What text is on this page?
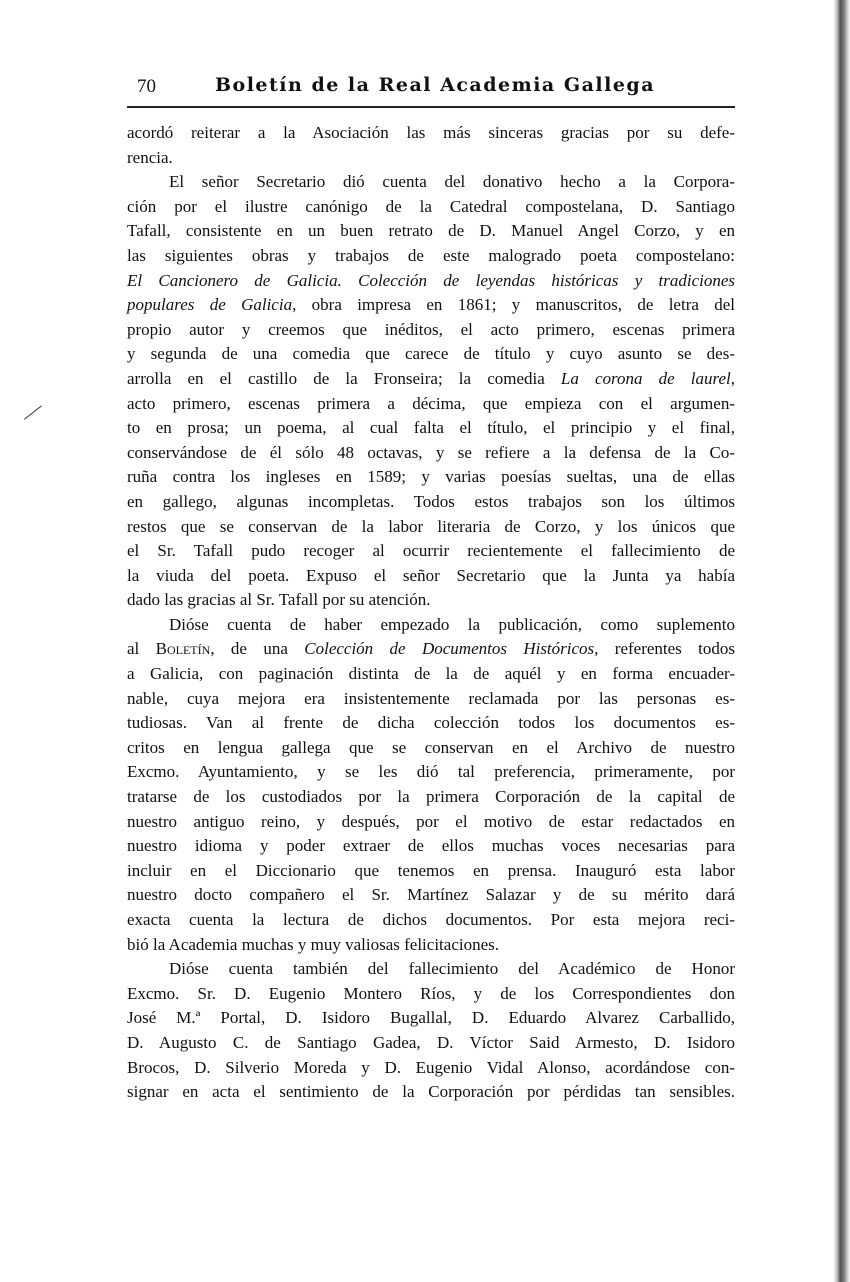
70	Boletín de la Real Academia Gallega
acordó reiterar a la Asociación las más sinceras gracias por su defe-
rencia.
El señor Secretario dió cuenta del donativo hecho a la Corpora-
ción por el ilustre canónigo de la Catedral compostelana, D. Santiago
Tafall, consistente en un buen retrato de D. Manuel Angel Corzo, y en
las siguientes obras y trabajos de este malogrado poeta compostelano:
El Cancionero de Galicia. Colección de leyendas históricas y tradiciones
populares de Galicia, obra impresa en 1861; y manuscritos, de letra del
propio autor y creemos que inéditos, el acto primero, escenas primera
y segunda de una comedia que carece de título y cuyo asunto se des-
arrolla en el castillo de la Fronseira; la comedia La corona de laurel,
acto primero, escenas primera a décima, que empieza con el argumen-
to en prosa; un poema, al cual falta el título, el principio y el final,
conservándose de él sólo 48 octavas, y se refiere a la defensa de la Co-
ruña contra los ingleses en 1589; y varias poesías sueltas, una de ellas
en gallego, algunas incompletas. Todos estos trabajos son los últimos
restos que se conservan de la labor literaria de Corzo, y los únicos que
el Sr. Tafall pudo recoger al ocurrir recientemente el fallecimiento de
la viuda del poeta. Expuso el señor Secretario que la Junta ya había
dado las gracias al Sr. Tafall por su atención.
Dióse cuenta de haber empezado la publicación, como suplemento
al Boletín, de una Colección de Documentos Históricos, referentes todos
a Galicia, con paginación distinta de la de aquél y en forma encuader-
nable, cuya mejora era insistentemente reclamada por las personas es-
tudiosas. Van al frente de dicha colección todos los documentos es-
critos en lengua gallega que se conservan en el Archivo de nuestro
Excmo. Ayuntamiento, y se les dió tal preferencia, primeramente, por
tratarse de los custodiados por la primera Corporación de la capital de
nuestro antiguo reino, y después, por el motivo de estar redactados en
nuestro idioma y poder extraer de ellos muchas voces necesarias para
incluir en el Diccionario que tenemos en prensa. Inauguró esta labor
nuestro docto compañero el Sr. Martínez Salazar y de su mérito dará
exacta cuenta la lectura de dichos documentos. Por esta mejora reci-
bió la Academia muchas y muy valiosas felicitaciones.
Dióse cuenta también del fallecimiento del Académico de Honor
Excmo. Sr. D. Eugenio Montero Ríos, y de los Correspondientes don
José M.ª Portal, D. Isidoro Bugallal, D. Eduardo Alvarez Carballido,
D. Augusto C. de Santiago Gadea, D. Víctor Said Armesto, D. Isidoro
Brocos, D. Silverio Moreda y D. Eugenio Vidal Alonso, acordándose con-
signar en acta el sentimiento de la Corporación por pérdidas tan sensibles.
